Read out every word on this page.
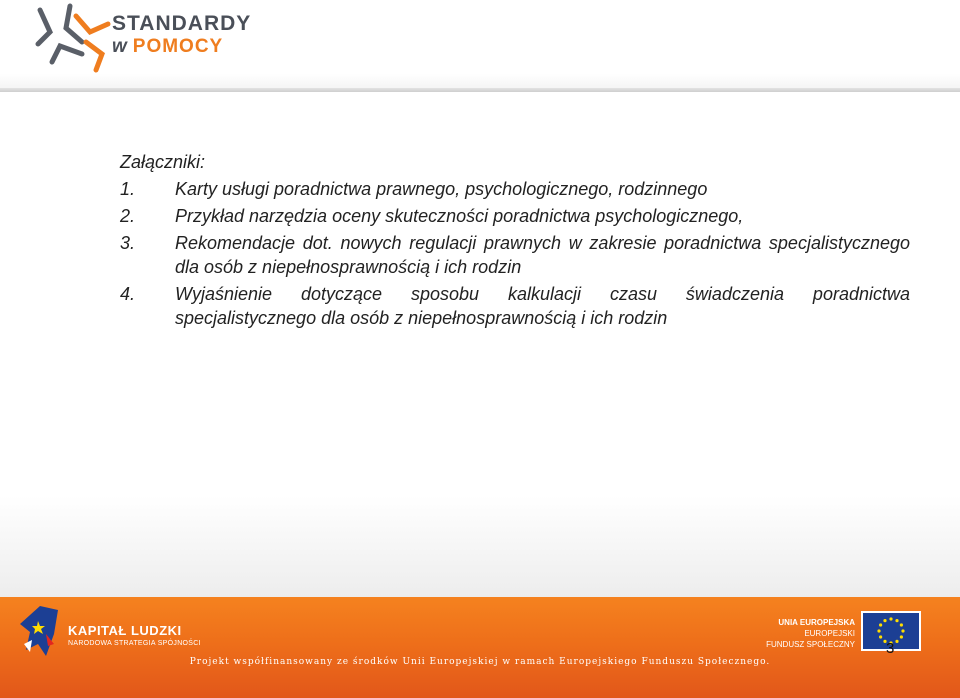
STANDARDY
w POMOCY

Załączniki:

1.	Karty usługi poradnictwa prawnego, psychologicznego, rodzinnego
2.	Przykład narzędzia oceny skuteczności poradnictwa psychologicznego,
3.	Rekomendacje dot. nowych regulacji prawnych w zakresie poradnictwa specjalistycznego dla osób z niepełnosprawnością i ich rodzin
4.	Wyjaśnienie dotyczące sposobu kalkulacji czasu świadczenia poradnictwa specjalistycznego dla osób z niepełnosprawnością i ich rodzin
KAPITAŁ LUDZKI
NARODOWA STRATEGIA SPÓJNOŚCI
UNIA EUROPEJSKA
EUROPEJSKI
FUNDUSZ SPOŁECZNY
Projekt współfinansowany ze środków Unii Europejskiej w ramach Europejskiego Funduszu Społecznego.
3
